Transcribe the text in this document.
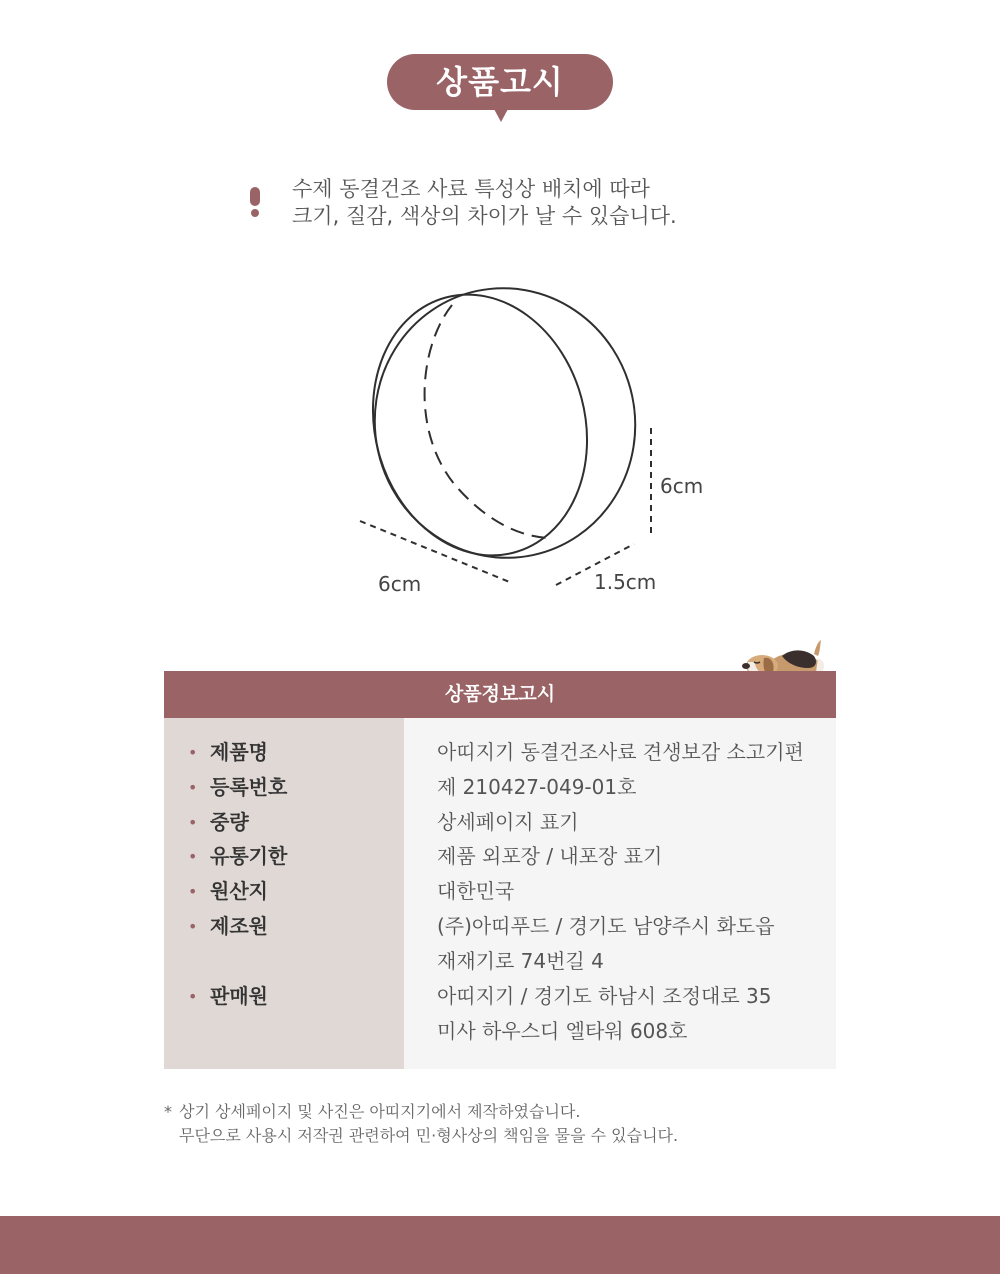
상품고시
수제 동결건조 사료 특성상 배치에 따라
크기, 질감, 색상의 차이가 날 수 있습니다.
6cm
6cm	1.5cm
상품정보고시
• 제품명	아띠지기 동결건조사료 견생보감 소고기편
• 등록번호	제 210427-049-01호
• 중량	상세페이지 표기
• 유통기한	제품 외포장 / 내포장 표기
• 원산지	대한민국
• 제조원	(주)아띠푸드 / 경기도 남양주시 화도읍
재재기로 74번길 4
• 판매원	아띠지기 / 경기도 하남시 조정대로 35
미사 하우스디 엘타워 608호
* 상기 상세페이지 및 사진은 아띠지기에서 제작하였습니다.
무단으로 사용시 저작권 관련하여 민·형사상의 책임을 물을 수 있습니다.
